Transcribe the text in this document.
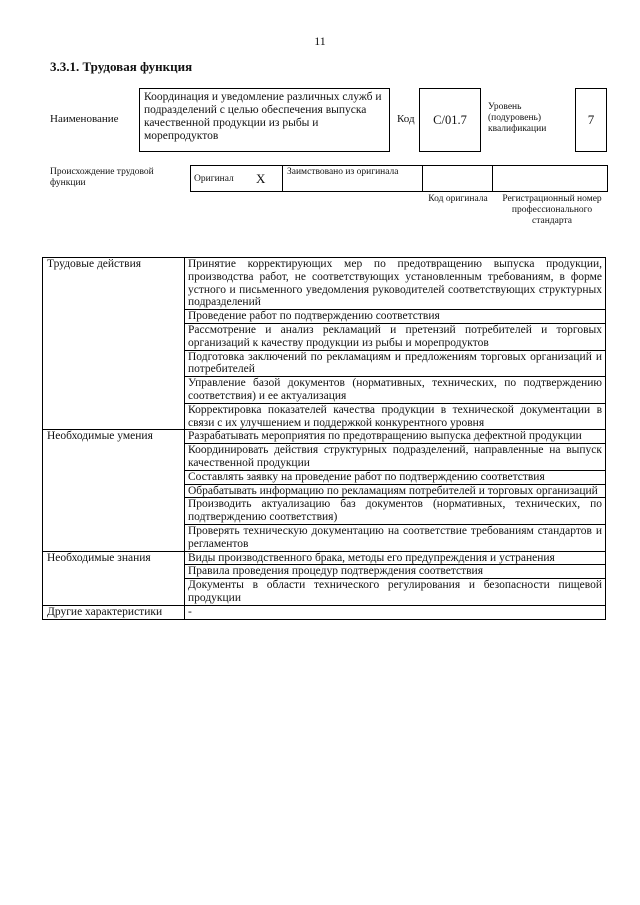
11
3.3.1. Трудовая функция
Наименование
Координация и уведомление различных служб и подразделений с целью обеспечения выпуска качественной продукции из рыбы и морепродуктов
Код C/01.7
Уровень (подуровень) квалификации
7
Происхождение трудовой функции	Оригинал X Заимствовано из оригинала
Код оригинала	Регистрационный номер профессионального стандарта
Трудовые действия	Принятие корректирующих мер по предотвращению выпуска продукции, производства работ, не соответствующих установленным требованиям, в форме устного и письменного уведомления руководителей соответствующих структурных подразделений
	Проведение работ по подтверждению соответствия
	Рассмотрение и анализ рекламаций и претензий потребителей и торговых организаций к качеству продукции из рыбы и морепродуктов
	Подготовка заключений по рекламациям и предложениям торговых организаций и потребителей
	Управление базой документов (нормативных, технических, по подтверждению соответствия) и ее актуализация
	Корректировка показателей качества продукции в технической документации в связи с их улучшением и поддержкой конкурентного уровня
Необходимые умения	Разрабатывать мероприятия по предотвращению выпуска дефектной продукции
	Координировать действия структурных подразделений, направленные на выпуск качественной продукции
	Составлять заявку на проведение работ по подтверждению соответствия
	Обрабатывать информацию по рекламациям потребителей и торговых организаций
	Производить актуализацию баз документов (нормативных, технических, по подтверждению соответствия)
	Проверять техническую документацию на соответствие требованиям стандартов и регламентов
Необходимые знания	Виды производственного брака, методы его предупреждения и устранения
	Правила проведения процедур подтверждения соответствия
	Документы в области технического регулирования и безопасности пищевой продукции
Другие характеристики	-
